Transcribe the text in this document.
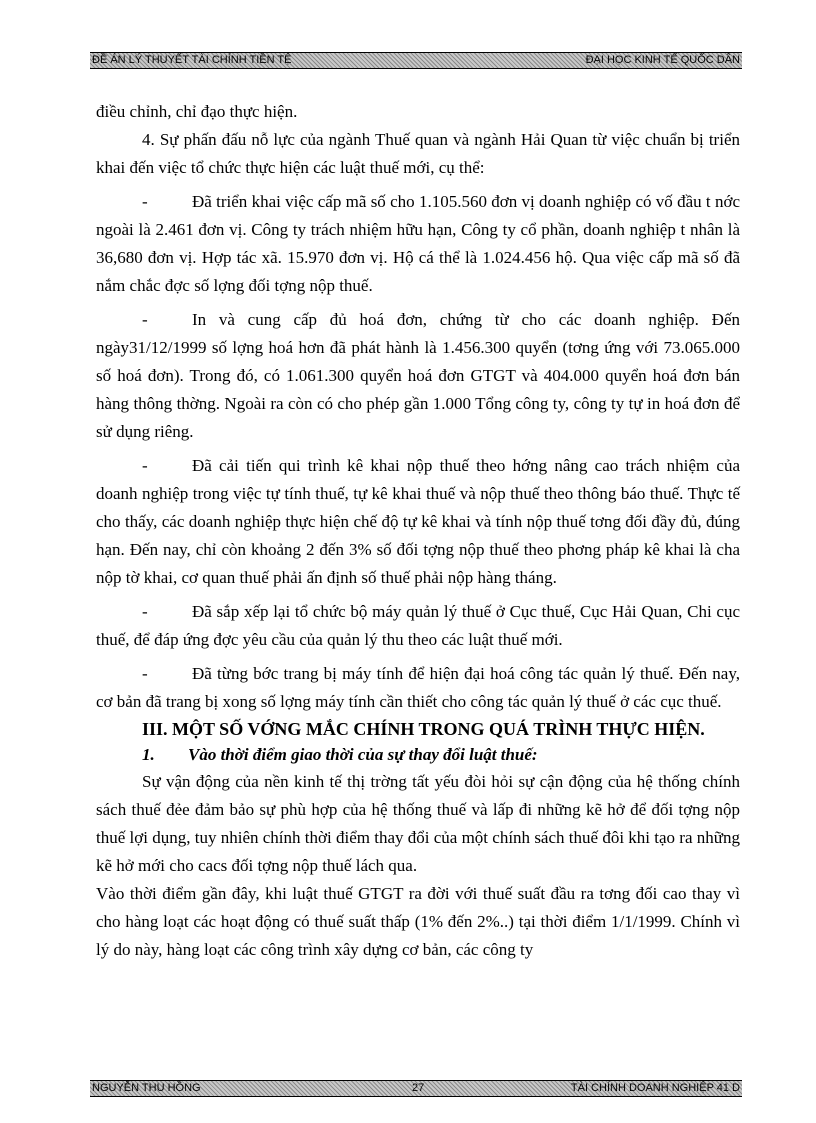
ĐỀ ÁN LÝ THUYẾT TÀI CHÍNH TIỀN TỆ	ĐẠI HỌC KINH TẾ QUỐC DÂN

điều chỉnh, chỉ đạo thực hiện.

4. Sự phấn đấu nỗ lực của ngành Thuế quan và ngành Hải Quan từ việc chuẩn bị triển khai đến việc tổ chức thực hiện các luật thuế mới, cụ thể:

-	Đã triển khai việc cấp mã số cho 1.105.560 đơn vị doanh nghiệp có vố đầu t nớc ngoài là 2.461 đơn vị. Công ty trách nhiệm hữu hạn, Công ty cổ phần, doanh nghiệp t nhân là 36,680 đơn vị. Hợp tác xã. 15.970 đơn vị. Hộ cá thể là 1.024.456 hộ. Qua việc cấp mã số đã nắm chắc đợc số lợng đối tợng nộp thuế.

-	In và cung cấp đủ hoá đơn, chứng từ cho các doanh nghiệp. Đến ngày31/12/1999 số lợng hoá hơn đã phát hành là 1.456.300 quyển (tơng ứng với 73.065.000 số hoá đơn). Trong đó, có 1.061.300 quyển hoá đơn GTGT và 404.000 quyển hoá đơn bán hàng thông thờng. Ngoài ra còn có cho phép gần 1.000 Tổng công ty, công ty tự in hoá đơn để sử dụng riêng.

-	Đã cải tiến qui trình kê khai nộp thuế theo hớng nâng cao trách nhiệm của doanh nghiệp trong việc tự tính thuế, tự kê khai thuế và nộp thuế theo thông báo thuế. Thực tế cho thấy, các doanh nghiệp thực hiện chế độ tự kê khai và tính nộp thuế tơng đối đầy đủ, đúng hạn. Đến nay, chỉ còn khoảng 2 đến 3% số đối tợng nộp thuế theo phơng pháp kê khai là cha nộp tờ khai, cơ quan thuế phải ấn định số thuế phải nộp hàng tháng.

-	Đã sắp xếp lại tổ chức bộ máy quản lý thuế ở Cục thuế, Cục Hải Quan, Chi cục thuế, để đáp ứng đợc yêu cầu của quản lý thu theo các luật thuế mới.

-	Đã từng bớc trang bị máy tính để hiện đại hoá công tác quản lý thuế. Đến nay, cơ bản đã trang bị xong số lợng máy tính cần thiết cho công tác quản lý thuế ở các cục thuế.

III. MỘT SỐ VỚNG MẮC CHÍNH TRONG QUÁ TRÌNH THỰC HIỆN.

1. Vào thời điểm giao thời của sự thay đổi luật thuế:

Sự vận động của nền kinh tế thị trờng tất yếu đòi hỏi sự cận động của hệ thống chính sách thuế đẻe đảm bảo sự phù hợp của hệ thống thuế và lấp đi những kẽ hở để đối tợng nộp thuế lợi dụng, tuy nhiên chính thời điểm thay đổi của một chính sách thuế đôi khi tạo ra những kẽ hở mới cho cacs đối tợng nộp thuế lách qua.

Vào thời điểm gần đây, khi luật thuế GTGT ra đời với thuế suất đầu ra tơng đối cao thay vì cho hàng loạt các hoạt động có thuế suất thấp (1% đến 2%..) tại thời điểm 1/1/1999. Chính vì lý do này, hàng loạt các công trình xây dựng cơ bản, các công ty

NGUYỄN THU HỒNG	27	TÀI CHÍNH DOANH NGHIỆP 41 D
